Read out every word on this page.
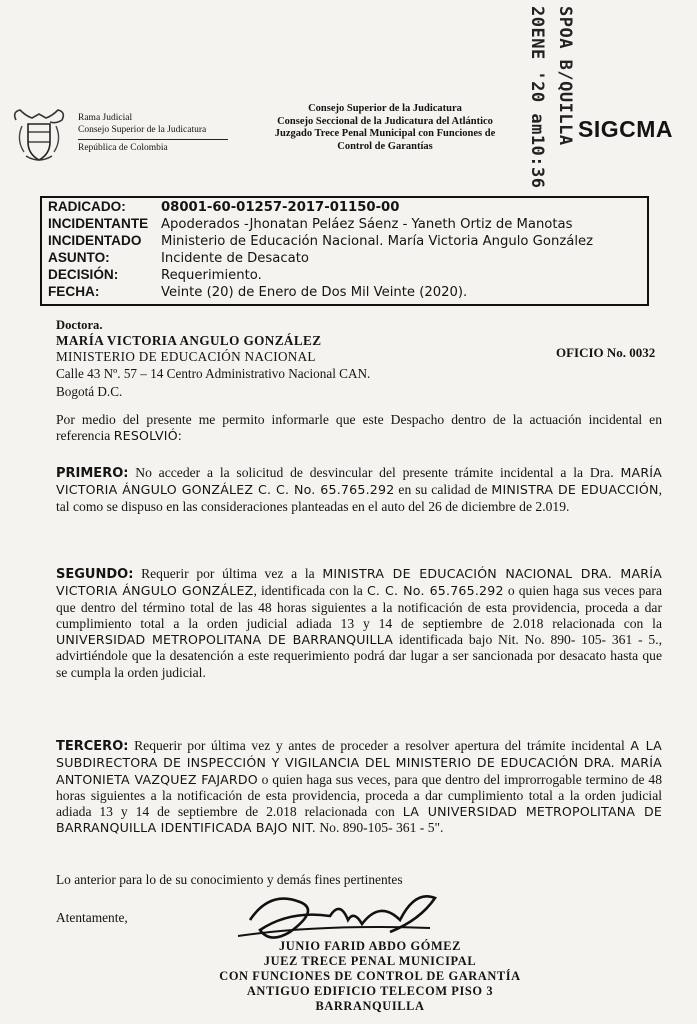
Rama Judicial
Consejo Superior de la Judicatura
República de Colombia
Consejo Superior de la Judicatura
Consejo Seccional de la Judicatura del Atlántico
Juzgado Trece Penal Municipal con Funciones de
Control de Garantías
SPOA B/QUILLA
20ENE '20 am10:36 SIGCMA
RADICADO:	08001-60-01257-2017-01150-00
INCIDENTANTE Apoderados -Jhonatan Peláez Sáenz - Yaneth Ortiz de Manotas
INCIDENTADO Ministerio de Educación Nacional. María Victoria Angulo González
ASUNTO:	Incidente de Desacato
DECISIÓN:	Requerimiento.
FECHA:	Veinte (20) de Enero de Dos Mil Veinte (2020).
Doctora.
MARÍA VICTORIA ANGULO GONZÁLEZ
MINISTERIO DE EDUCACIÓN NACIONAL
Calle 43 Nº. 57 – 14 Centro Administrativo Nacional CAN.
Bogotá D.C.
OFICIO No. 0032
Por medio del presente me permito informarle que este Despacho dentro de la actuación incidental en referencia RESOLVIÓ:
PRIMERO: No acceder a la solicitud de desvincular del presente trámite incidental a la Dra. MARÍA VICTORIA ÁNGULO GONZÁLEZ C. C. No. 65.765.292 en su calidad de MINISTRA DE EDUACCIÓN, tal como se dispuso en las consideraciones planteadas en el auto del 26 de diciembre de 2.019.
SEGUNDO: Requerir por última vez a la MINISTRA DE EDUCACIÓN NACIONAL DRA. MARÍA VICTORIA ÁNGULO GONZÁLEZ, identificada con la C. C. No. 65.765.292 o quien haga sus veces para que dentro del término total de las 48 horas siguientes a la notificación de esta providencia, proceda a dar cumplimiento total a la orden judicial adiada 13 y 14 de septiembre de 2.018 relacionada con la UNIVERSIDAD METROPOLITANA DE BARRANQUILLA identificada bajo Nit. No. 890- 105- 361 - 5., advirtiéndole que la desatención a este requerimiento podrá dar lugar a ser sancionada por desacato hasta que se cumpla la orden judicial.
TERCERO: Requerir por última vez y antes de proceder a resolver apertura del trámite incidental A LA SUBDIRECTORA DE INSPECCIÓN Y VIGILANCIA DEL MINISTERIO DE EDUCACIÓN DRA. MARÍA ANTONIETA VAZQUEZ FAJARDO o quien haga sus veces, para que dentro del improrrogable termino de 48 horas siguientes a la notificación de esta providencia, proceda a dar cumplimiento total a la orden judicial adiada 13 y 14 de septiembre de 2.018 relacionada con LA UNIVERSIDAD METROPOLITANA DE BARRANQUILLA IDENTIFICADA BAJO NIT. No. 890-105- 361 - 5".
Lo anterior para lo de su conocimiento y demás fines pertinentes
Atentamente,
JUNIO FARID ABDO GÓMEZ
JUEZ TRECE PENAL MUNICIPAL
CON FUNCIONES DE CONTROL DE GARANTÍA
ANTIGUO EDIFICIO TELECOM PISO 3
BARRANQUILLA
